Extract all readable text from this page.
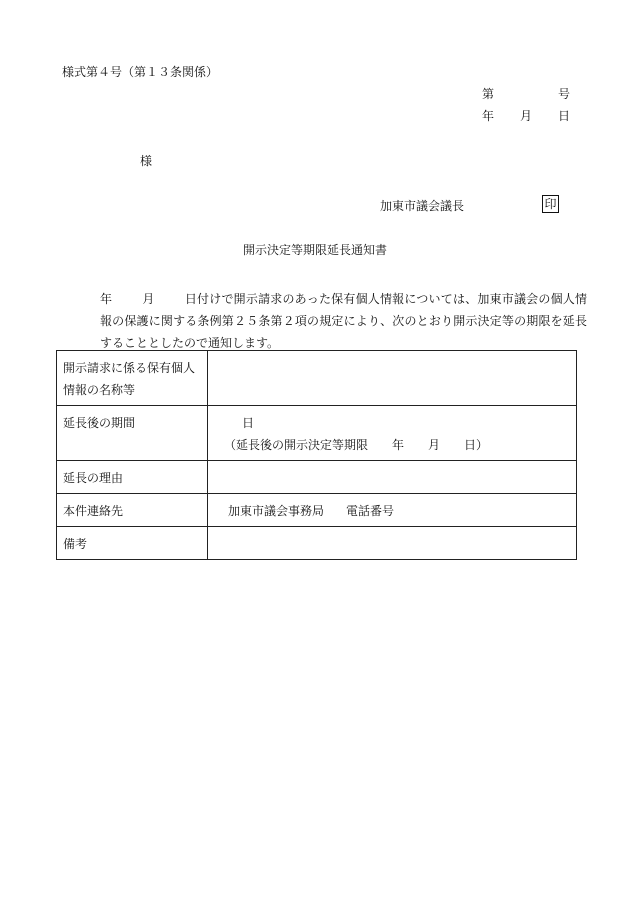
様式第４号（第１３条関係）
第	号
年 月 日
様
加東市議会議長	印
開示決定等期限延長通知書

年	月	日付けで開示請求のあった保有個人情報については、加東市議会の個人情報の保護に関する条例第２５条第２項の規定により、次のとおり開示決定等の期限を延長することとしたので通知します。

開示請求に係る保有個人情報の名称等	
延長後の期間	日
（延長後の開示決定等期限 年 月 日）

延長の理由	
本件連絡先	加東市議会事務局 電話番号
備考	
